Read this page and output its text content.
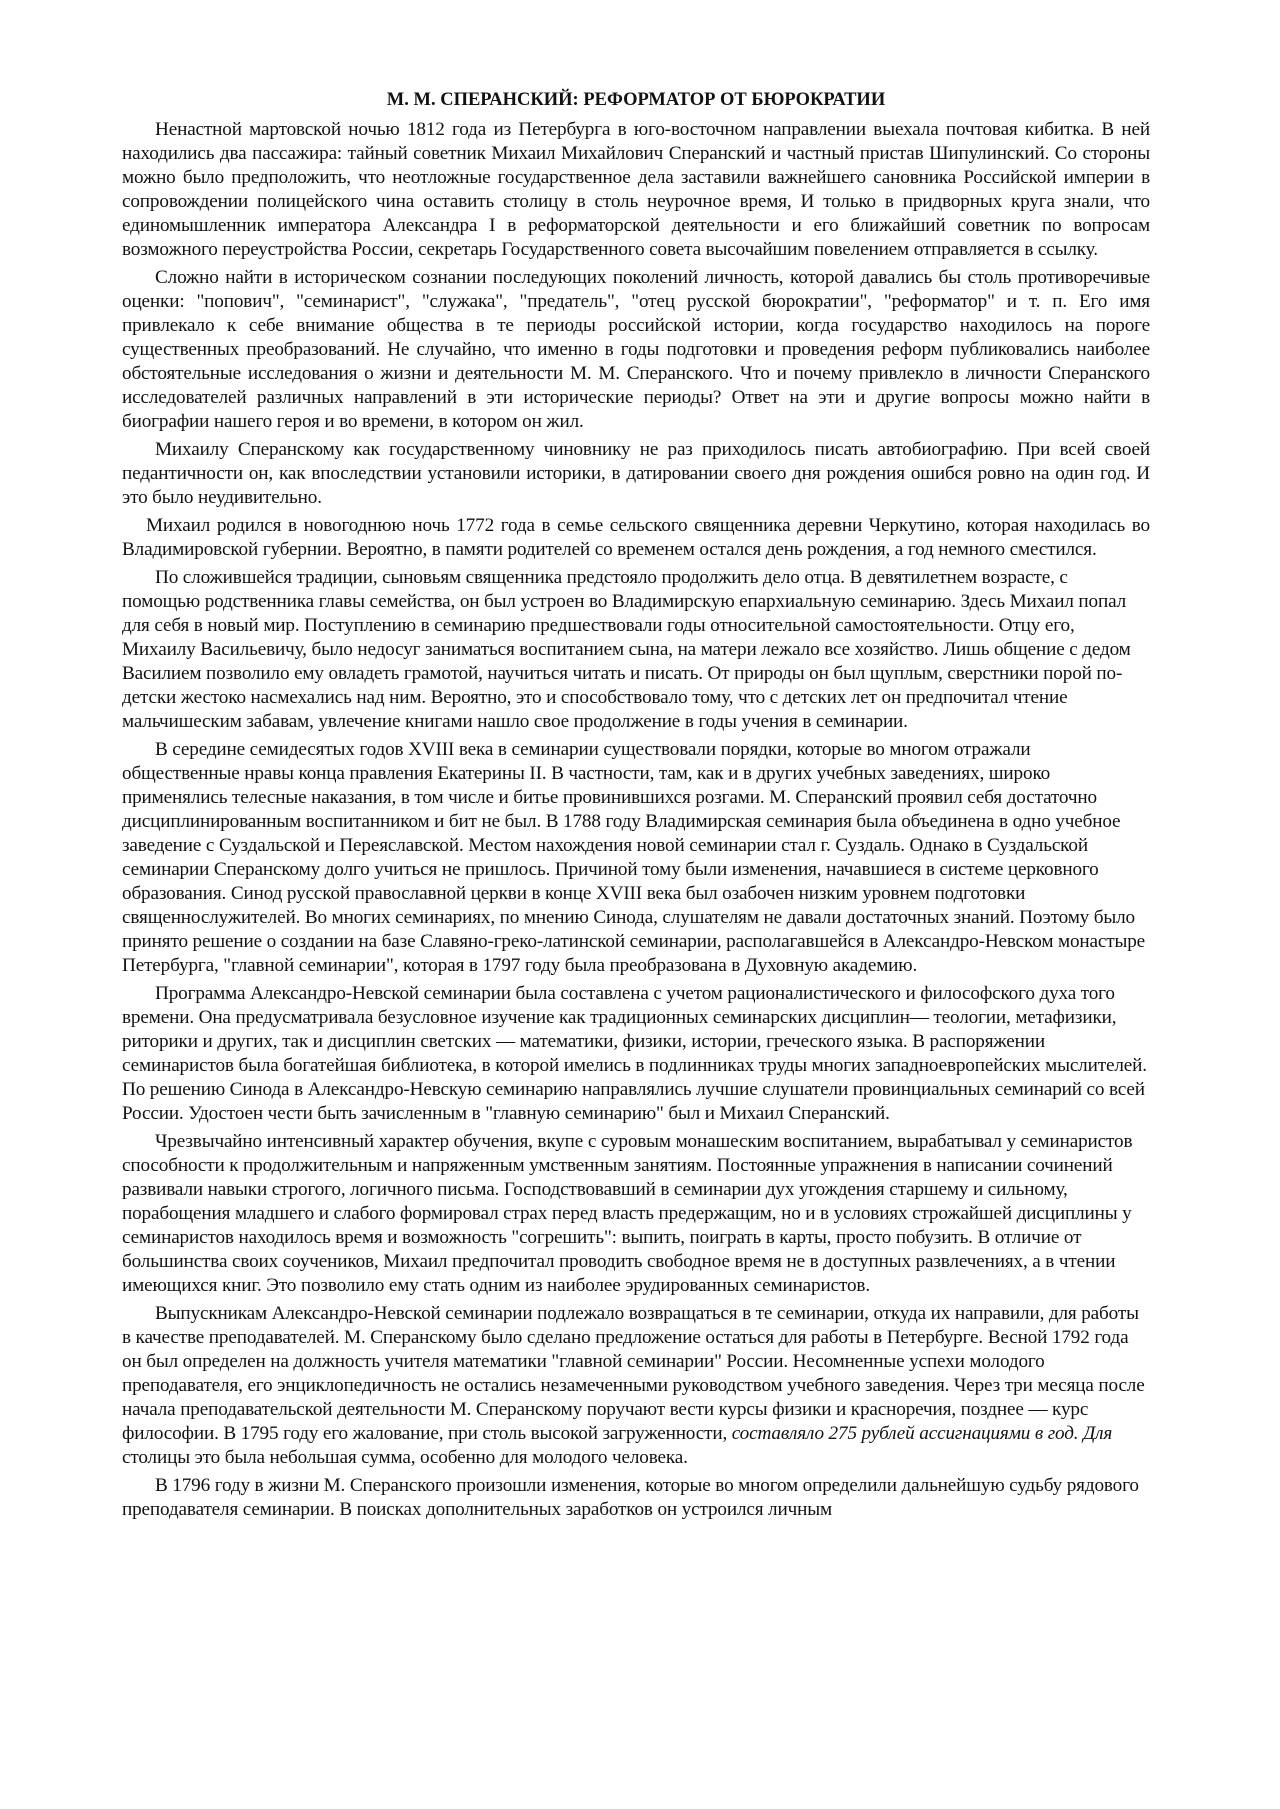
М. М. СПЕРАНСКИЙ: РЕФОРМАТОР ОТ БЮРОКРАТИИ

Ненастной мартовской ночью 1812 года из Петербурга в юго-восточном направлении выехала почтовая кибитка. В ней находились два пассажира: тайный советник Михаил Михайлович Сперанский и частный пристав Шипулинский. Со стороны можно было предположить, что неотложные государственное дела заставили важнейшего сановника Российской империи в сопровождении полицейского чина оставить столицу в столь неурочное время, И только в придворных круга знали, что единомышленник императора Александра I в реформаторской деятельности и его ближайший советник по вопросам возможного переустройства России, секретарь Государственного совета высочайшим повелением отправляется в ссылку.

Сложно найти в историческом сознании последующих поколений личность, которой давались бы столь противоречивые оценки: "попович", "семинарист", "служака", "предатель", "отец русской бюрократии", "реформатор" и т. п. Его имя привлекало к себе внимание общества в те периоды российской истории, когда государство находилось на пороге существенных преобразований. Не случайно, что именно в годы подготовки и проведения реформ публиковались наиболее обстоятельные исследования о жизни и деятельности М. М. Сперанского. Что и почему привлекло в личности Сперанского исследователей различных направлений в эти исторические периоды? Ответ на эти и другие вопросы можно найти в биографии нашего героя и во времени, в котором он жил.

Михаилу Сперанскому как государственному чиновнику не раз приходилось писать автобиографию. При всей своей педантичности он, как впоследствии установили историки, в датировании своего дня рождения ошибся ровно на один год. И это было неудивительно.

Михаил родился в новогоднюю ночь 1772 года в семье сельского священника деревни Черкутино, которая находилась во Владимировской губернии. Вероятно, в памяти родителей со временем остался день рождения, а год немного сместился.

По сложившейся традиции, сыновьям священника предстояло продолжить дело отца. В девятилетнем возрасте, с помощью родственника главы семейства, он был устроен во Владимирскую епархиальную семинарию. Здесь Михаил попал для себя в новый мир. Поступлению в семинарию предшествовали годы относительной самостоятельности. Отцу его, Михаилу Васильевичу, было недосуг заниматься воспитанием сына, на матери лежало все хозяйство. Лишь общение с дедом Василием позволило ему овладеть грамотой, научиться читать и писать. От природы он был щуплым, сверстники порой по-детски жестоко насмехались над ним. Вероятно, это и способствовало тому, что с детских лет он предпочитал чтение мальчишеским забавам, увлечение книгами нашло свое продолжение в годы учения в семинарии.

В середине семидесятых годов XVIII века в семинарии существовали порядки, которые во многом отражали общественные нравы конца правления Екатерины II. В частности, там, как и в других учебных заведениях, широко применялись телесные наказания, в том числе и битье провинившихся розгами. М. Сперанский проявил себя достаточно дисциплинированным воспитанником и бит не был. В 1788 году Владимирская семинария была объединена в одно учебное заведение с Суздальской и Переяславской. Местом нахождения новой семинарии стал г. Суздаль. Однако в Суздальской семинарии Сперанскому долго учиться не пришлось. Причиной тому были изменения, начавшиеся в системе церковного образования. Синод русской православной церкви в конце XVIII века был озабочен низким уровнем подготовки священнослужителей. Во многих семинариях, по мнению Синода, слушателям не давали достаточных знаний. Поэтому было принято решение о создании на базе Славяно-греко-латинской семинарии, располагавшейся в Александро-Невском монастыре Петербурга, "главной семинарии", которая в 1797 году была преобразована в Духовную академию.

Программа Александро-Невской семинарии была составлена с учетом рационалистического и философского духа того времени. Она предусматривала безусловное изучение как традиционных семинарских дисциплин— теологии, метафизики, риторики и других, так и дисциплин светских — математики, физики, истории, греческого языка. В распоряжении семинаристов была богатейшая библиотека, в которой имелись в подлинниках труды многих западноевропейских мыслителей. По решению Синода в Александро-Невскую семинарию направлялись лучшие слушатели провинциальных семинарий со всей России. Удостоен чести быть зачисленным в "главную семинарию" был и Михаил Сперанский.

Чрезвычайно интенсивный характер обучения, вкупе с суровым монашеским воспитанием, вырабатывал у семинаристов способности к продолжительным и напряженным умственным занятиям. Постоянные упражнения в написании сочинений развивали навыки строгого, логичного письма. Господствовавший в семинарии дух угождения старшему и сильному, порабощения младшего и слабого формировал страх перед власть предержащим, но и в условиях строжайшей дисциплины у семинаристов находилось время и возможность "согрешить": выпить, поиграть в карты, просто побузить. В отличие от большинства своих соучеников, Михаил предпочитал проводить свободное время не в доступных развлечениях, а в чтении имеющихся книг. Это позволило ему стать одним из наиболее эрудированных семинаристов.

Выпускникам Александро-Невской семинарии подлежало возвращаться в те семинарии, откуда их направили, для работы в качестве преподавателей. М. Сперанскому было сделано предложение остаться для работы в Петербурге. Весной 1792 года он был определен на должность учителя математики "главной семинарии" России. Несомненные успехи молодого преподавателя, его энциклопедичность не остались незамеченными руководством учебного заведения. Через три месяца после начала преподавательской деятельности М. Сперанскому поручают вести курсы физики и красноречия, позднее — курс философии. В 1795 году его жалование, при столь высокой загруженности, составляло 275 рублей ассигнациями в год. Для столицы это была небольшая сумма, особенно для молодого человека.

В 1796 году в жизни М. Сперанского произошли изменения, которые во многом определили дальнейшую судьбу рядового преподавателя семинарии. В поисках дополнительных заработков он устроился личным
